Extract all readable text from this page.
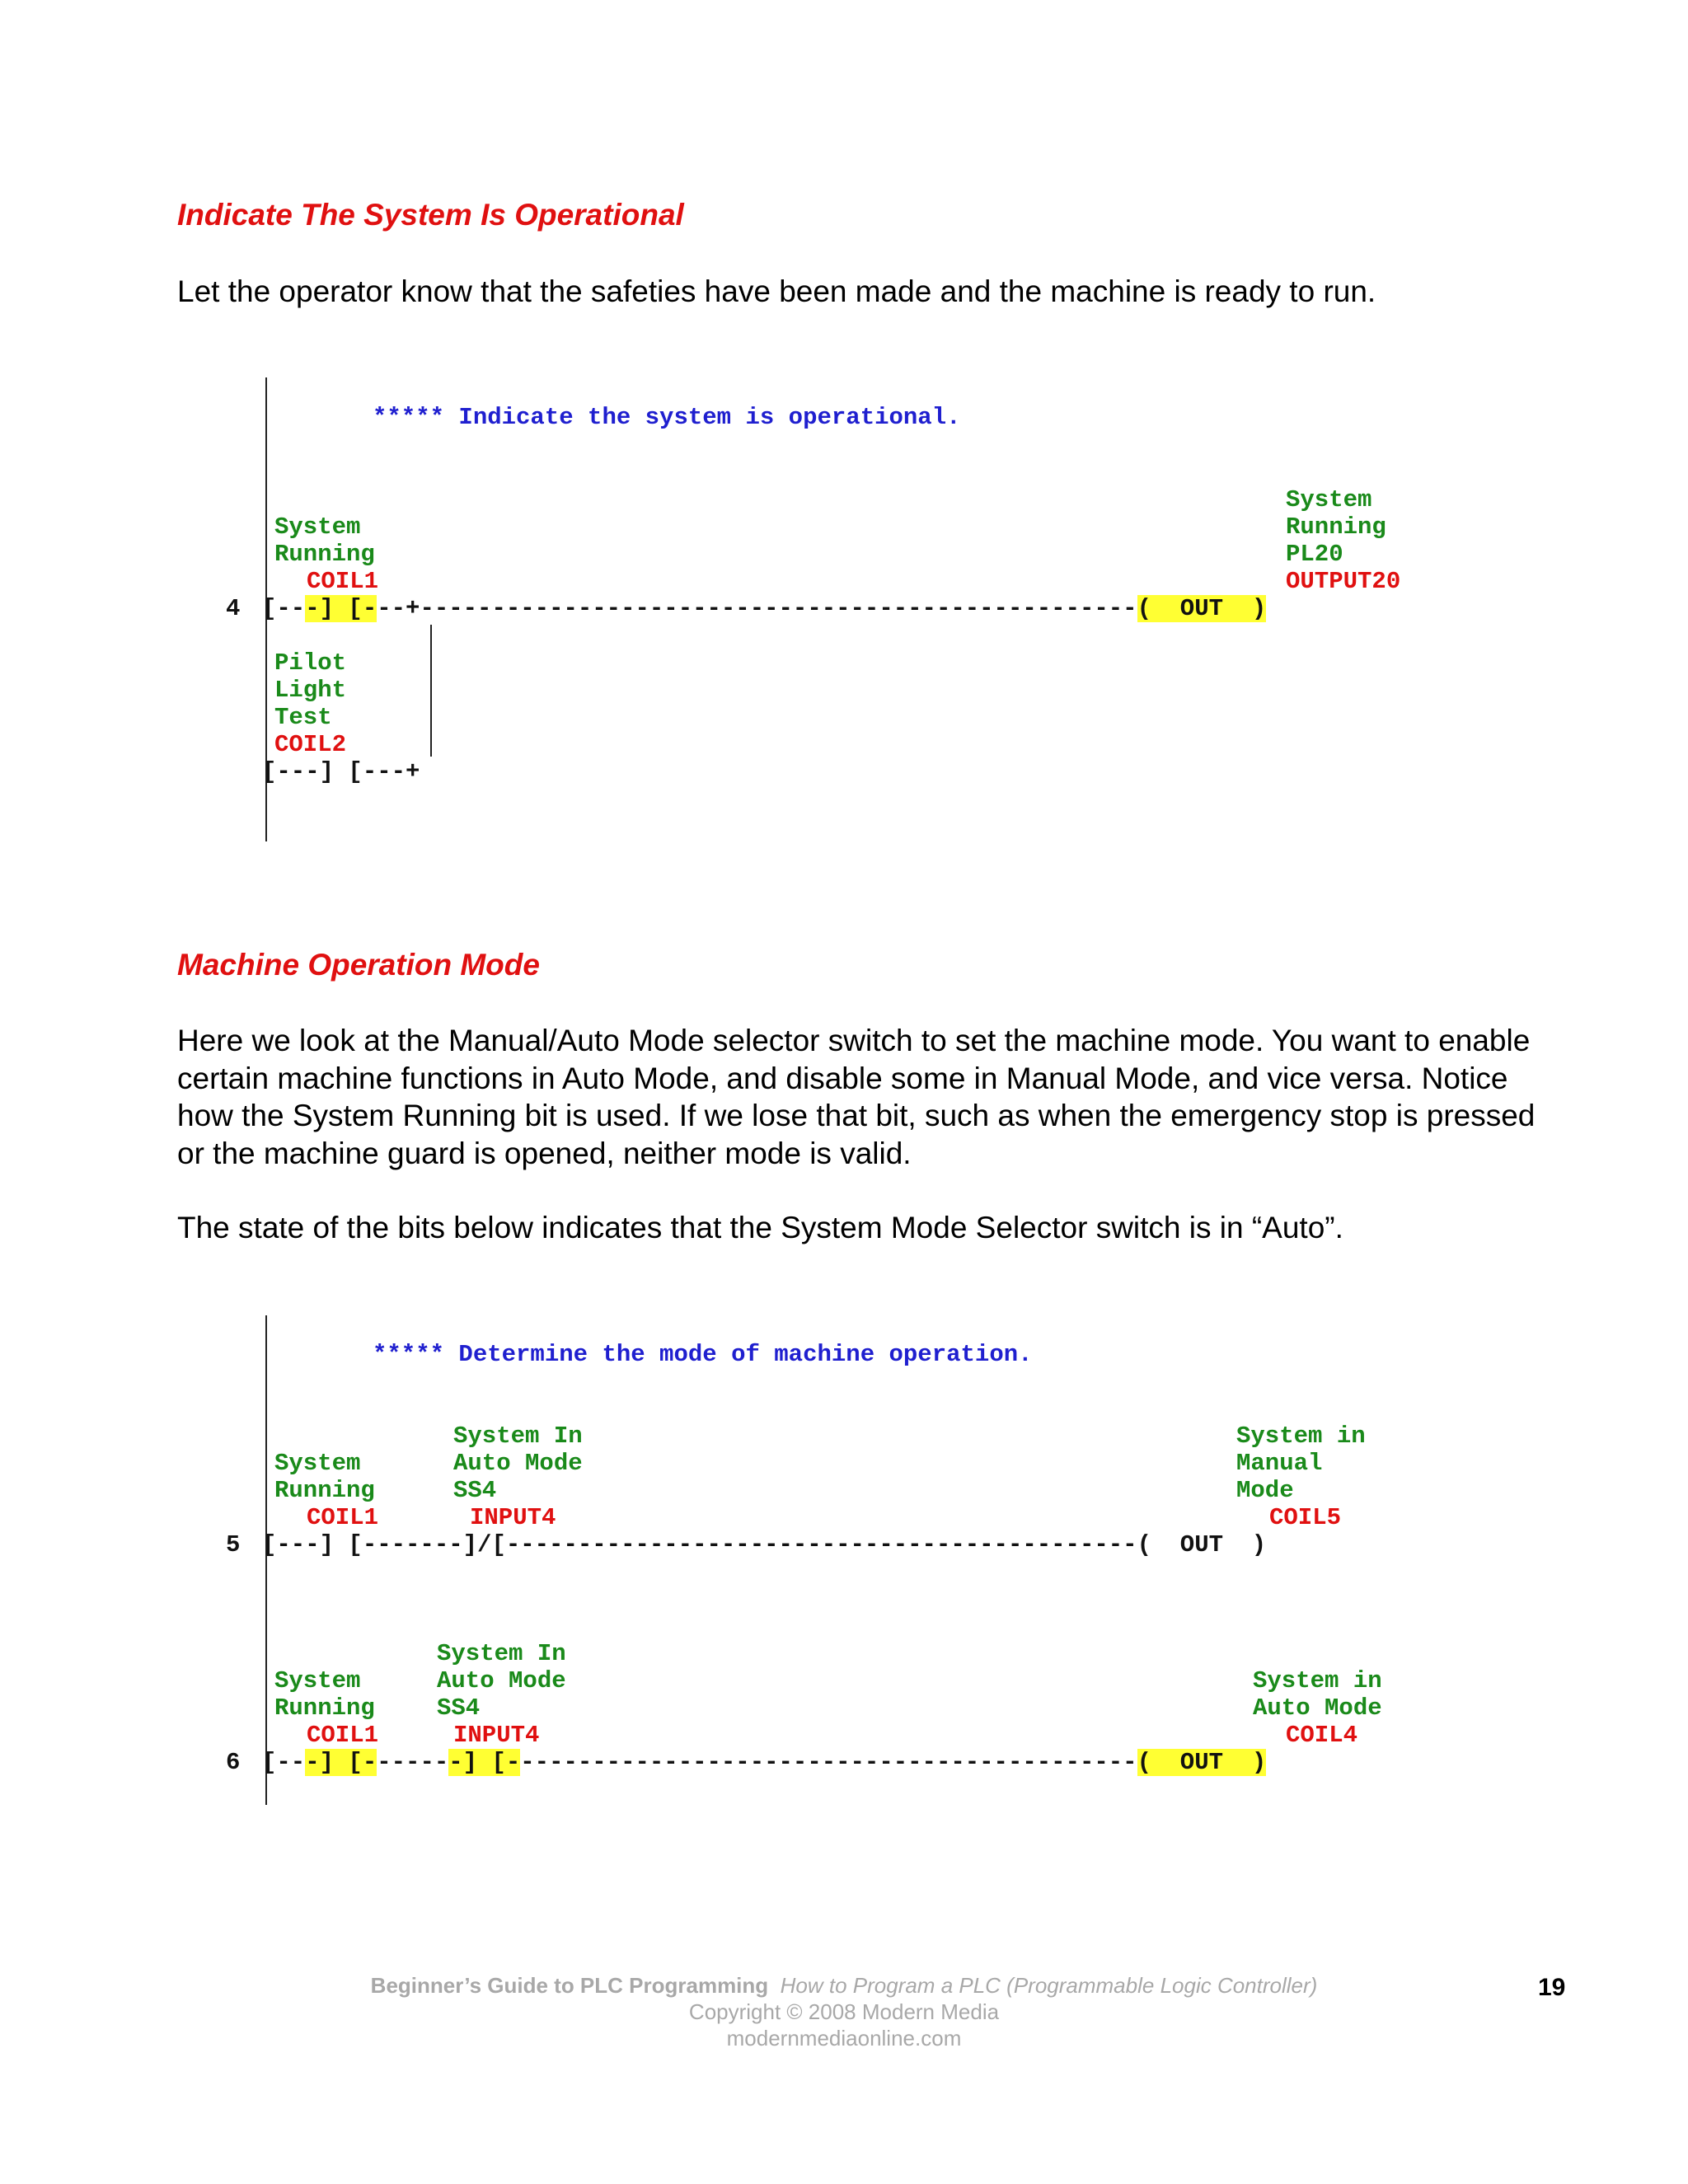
Indicate The System Is Operational

Let the operator know that the safeties have been made and the machine is ready to run.

***** Indicate the system is operational.
System
Running
PL20
OUTPUT20
System
Running
COIL1
4 [---] [---+--------------------------------------------------(  OUT  )
Pilot
Light
Test
COIL2
[---] [---+
Machine Operation Mode

Here we look at the Manual/Auto Mode selector switch to set the machine mode. You want to enable certain machine functions in Auto Mode, and disable some in Manual Mode, and vice versa. Notice how the System Running bit is used. If we lose that bit, such as when the emergency stop is pressed or the machine guard is opened, neither mode is valid.

The state of the bits below indicates that the System Mode Selector switch is in “Auto”.

***** Determine the mode of machine operation.
System In	System in
System	Auto Mode	Manual
Running	SS4	Mode
COIL1	INPUT4	COIL5
5 [---] [-------]/[--------------------------------------------(  OUT  )
System In
System	Auto Mode	System in
Running	SS4	Auto Mode
COIL1	INPUT4	COIL4
6 [---] [-------] [--------------------------------------------(  OUT  )
Beginner’s Guide to PLC Programming How to Program a PLC (Programmable Logic Controller)
Copyright © 2008 Modern Media
modernmediaonline.com
19
